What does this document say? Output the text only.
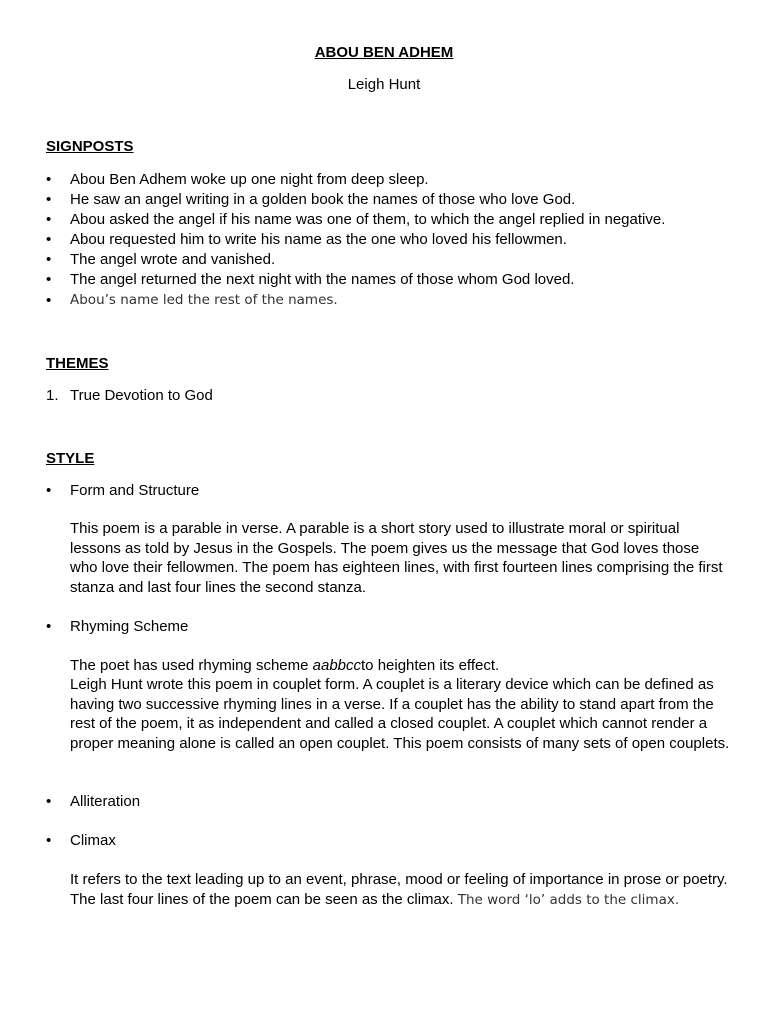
ABOU BEN ADHEM

Leigh Hunt

SIGNPOSTS

•	Abou Ben Adhem woke up one night from deep sleep.
•	He saw an angel writing in a golden book the names of those who love God.
•	Abou asked the angel if his name was one of them, to which the angel replied in negative.
•	Abou requested him to write his name as the one who loved his fellowmen.
•	The angel wrote and vanished.
•	The angel returned the next night with the names of those whom God loved.
•	Abou’s name led the rest of the names.

THEMES

1. True Devotion to God

STYLE

•	Form and Structure

This poem is a parable in verse. A parable is a short story used to illustrate moral or spiritual lessons as told by Jesus in the Gospels. The poem gives us the message that God loves those who love their fellowmen. The poem has eighteen lines, with first fourteen lines comprising the first stanza and last four lines the second stanza.

•	Rhyming Scheme

The poet has used rhyming scheme aabbccto heighten its effect.

Leigh Hunt wrote this poem in couplet form. A couplet is a literary device which can be defined as having two successive rhyming lines in a verse. If a couplet has the ability to stand apart from the rest of the poem, it as independent and called a closed couplet. A couplet which cannot render a proper meaning alone is called an open couplet. This poem consists of many sets of open couplets.

•	Alliteration
•	Climax

It refers to the text leading up to an event, phrase, mood or feeling of importance in prose or poetry. The last four lines of the poem can be seen as the climax. The word ‘lo’ adds to the climax.
